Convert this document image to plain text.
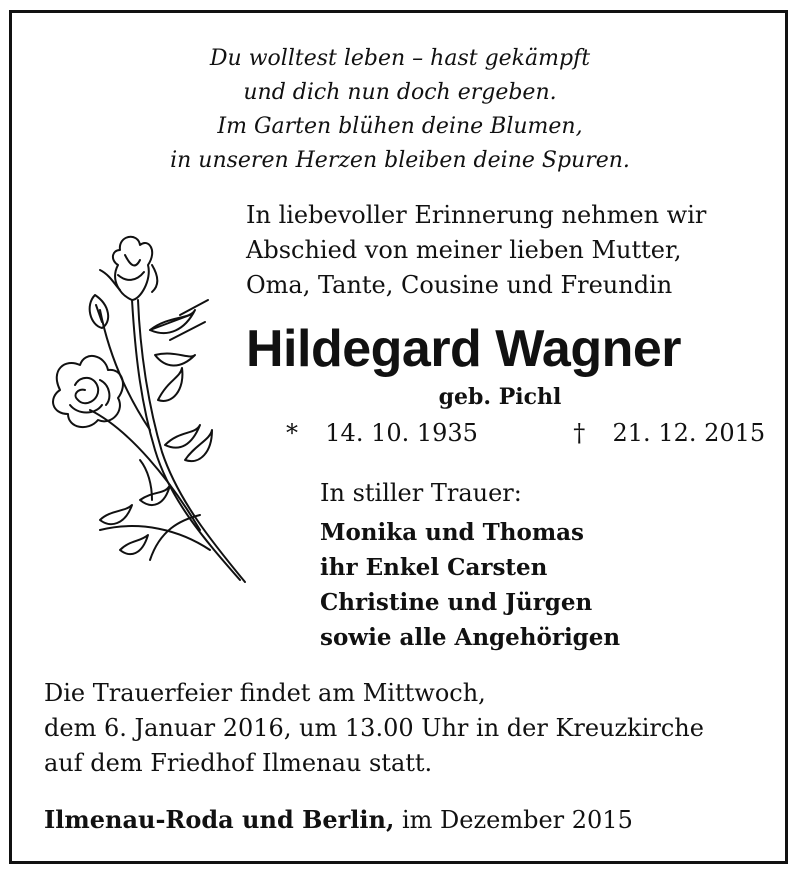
Du wolltest leben – hast gekämpft
und dich nun doch ergeben.
Im Garten blühen deine Blumen,
in unseren Herzen bleiben deine Spuren.
In liebevoller Erinnerung nehmen wir
Abschied von meiner lieben Mutter,
Oma, Tante, Cousine und Freundin
Hildegard Wagner
geb. Pichl
* 14. 10. 1935	† 21. 12. 2015
In stiller Trauer:
Monika und Thomas
ihr Enkel Carsten
Christine und Jürgen
sowie alle Angehörigen
Die Trauerfeier findet am Mittwoch,
dem 6. Januar 2016, um 13.00 Uhr in der Kreuzkirche
auf dem Friedhof Ilmenau statt.
Ilmenau-Roda und Berlin, im Dezember 2015
